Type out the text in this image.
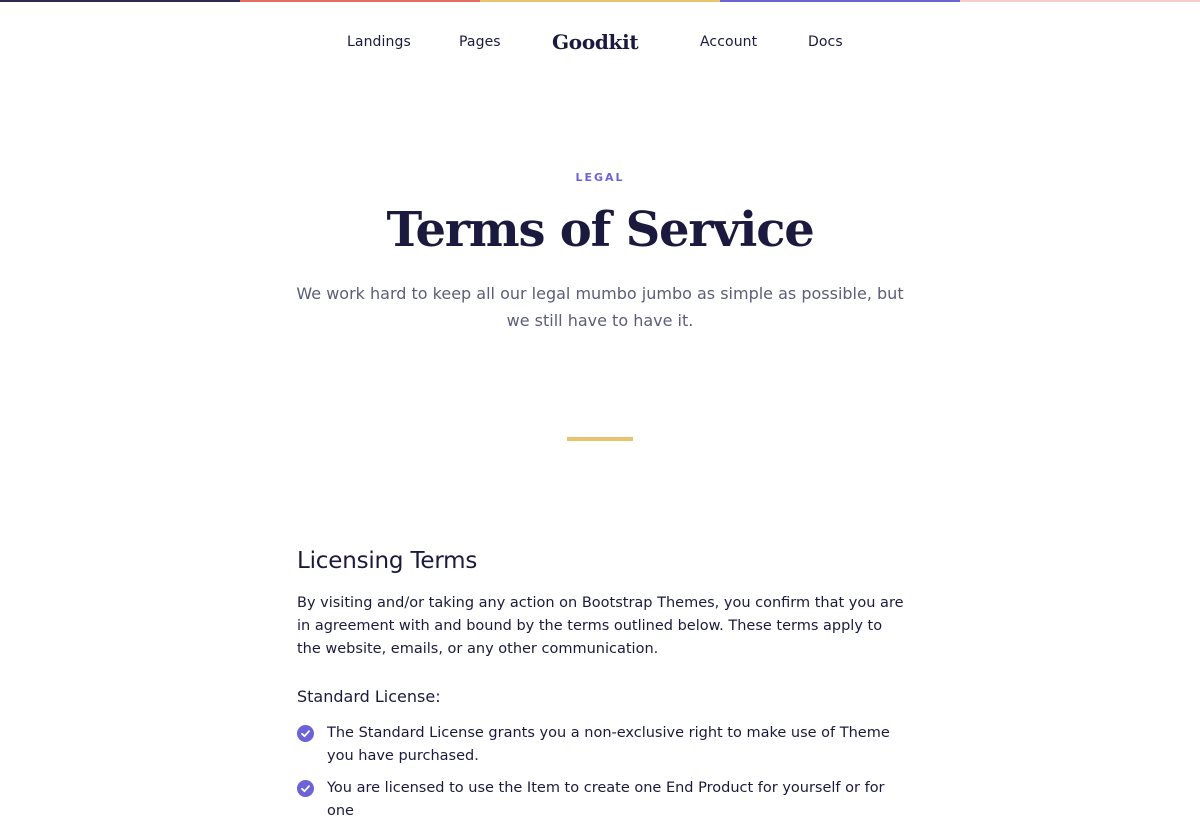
Landings	Pages	Goodkit	Account	Docs
LEGAL
Terms of Service

We work hard to keep all our legal mumbo jumbo as simple as possible, but we still have to have it.

Licensing Terms

By visiting and/or taking any action on Bootstrap Themes, you confirm that you are in agreement with and bound by the terms outlined below. These terms apply to the website, emails, or any other communication.

Standard License:
The Standard License grants you a non-exclusive right to make use of Theme you have purchased.
You are licensed to use the Item to create one End Product for yourself or for one
